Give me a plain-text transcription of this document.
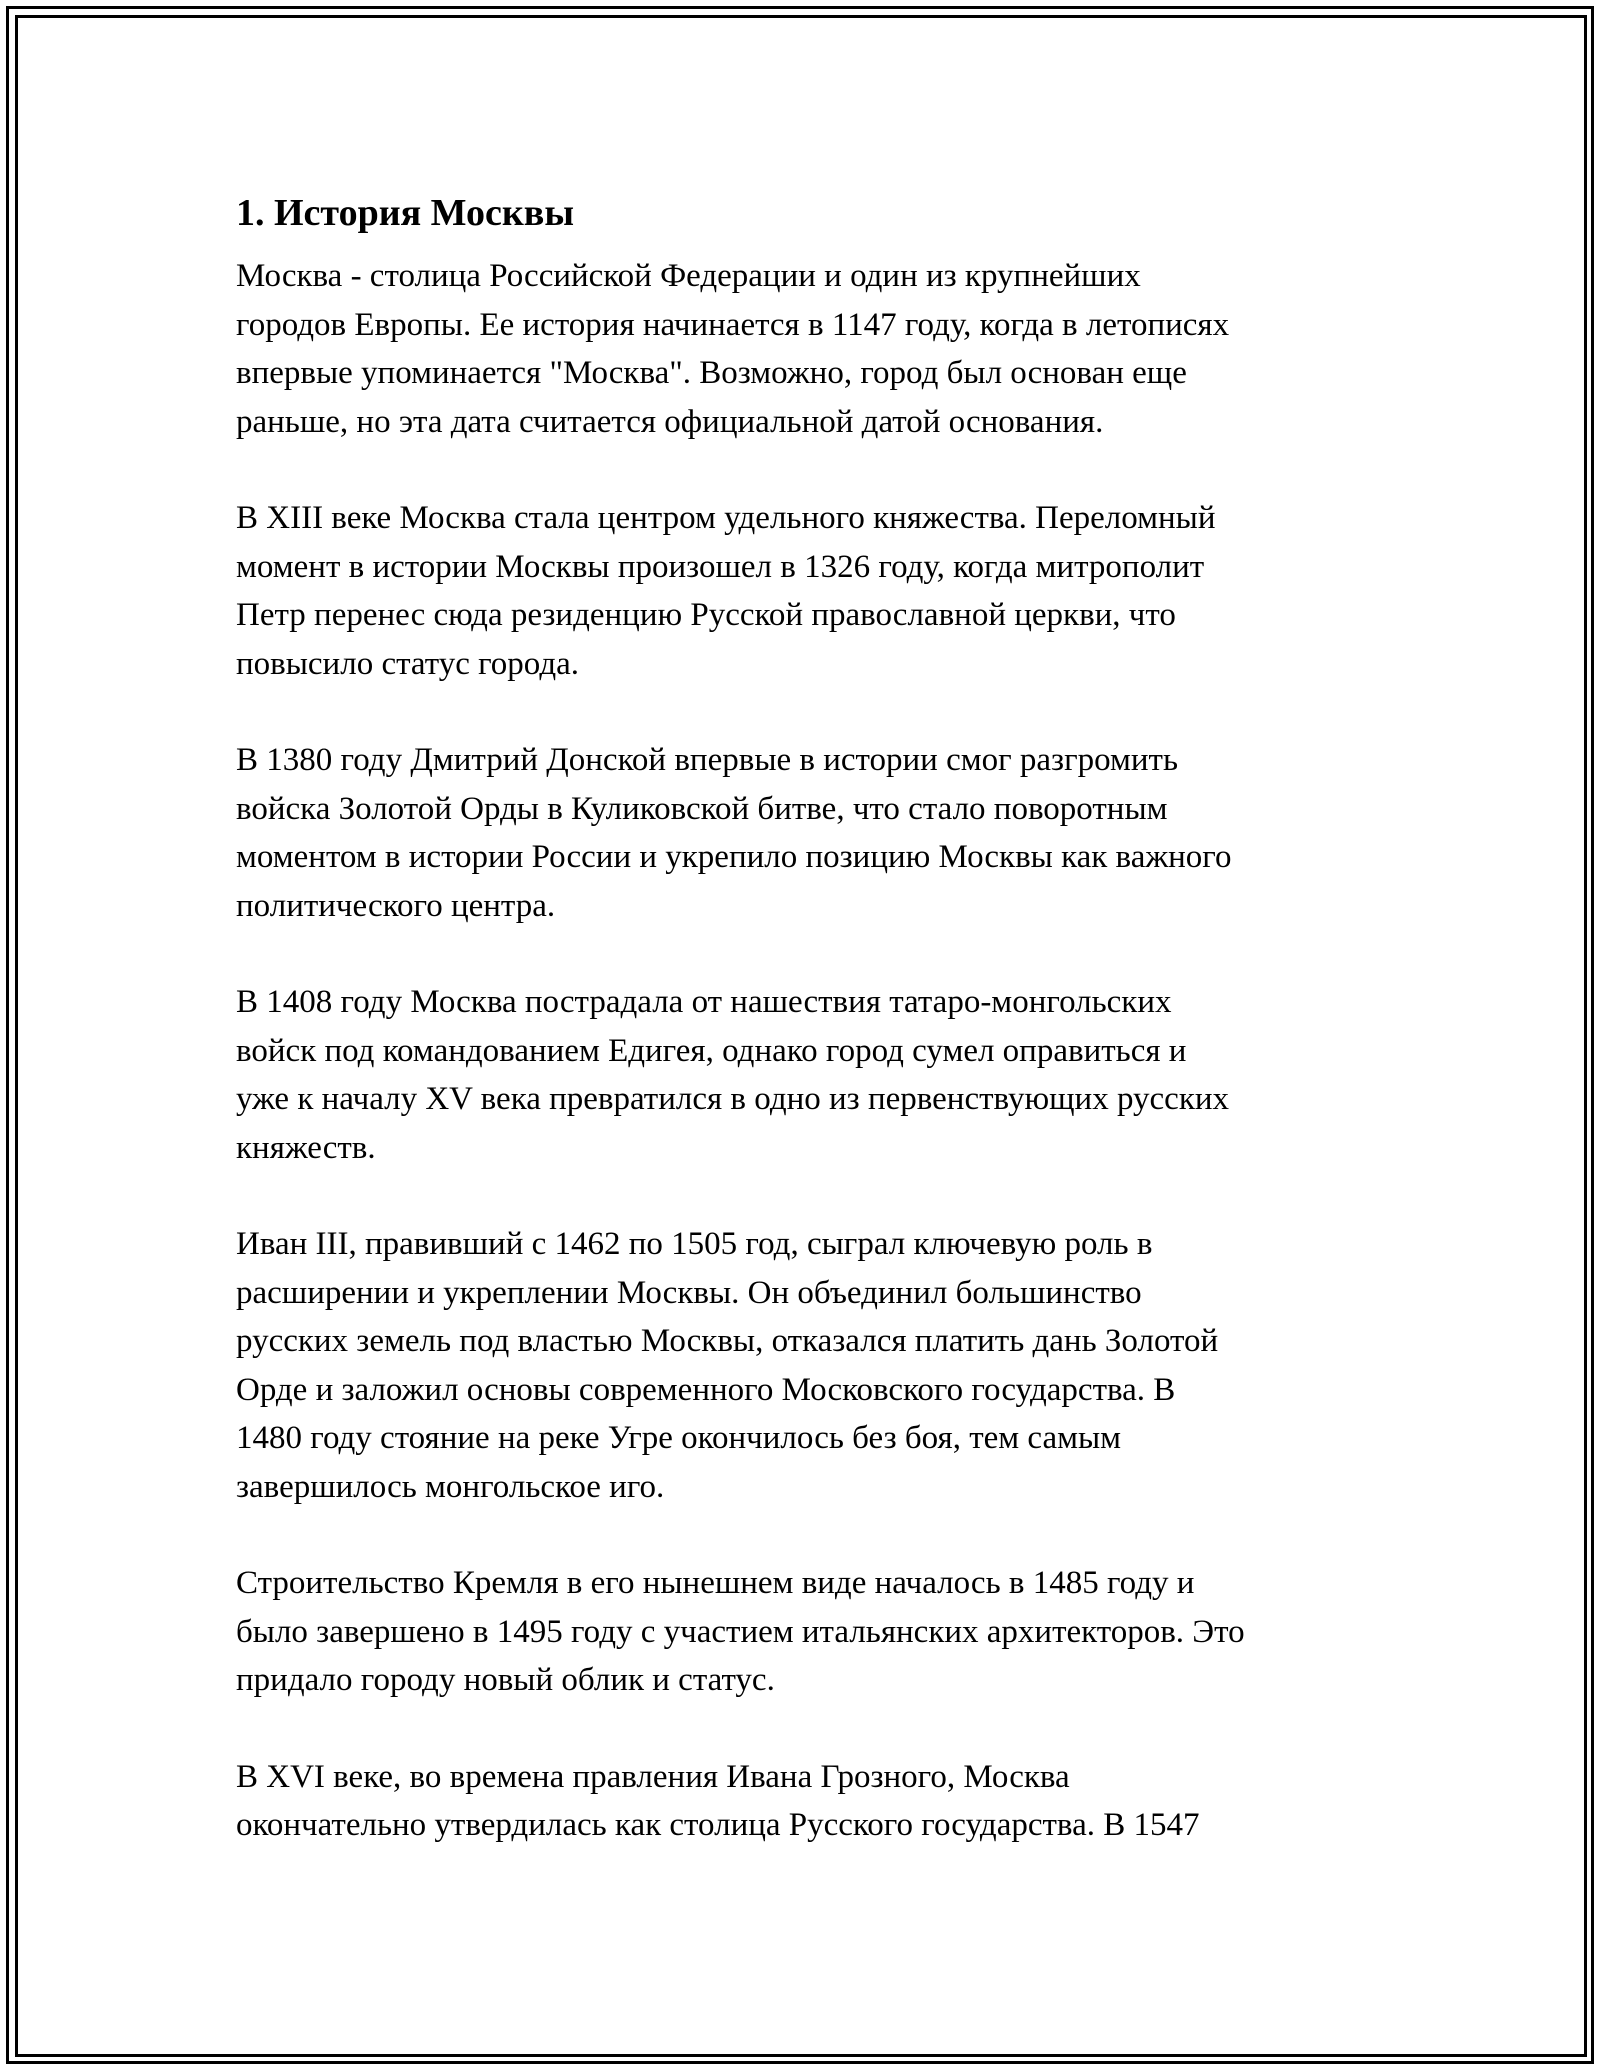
1. История Москвы

Москва - столица Российской Федерации и один из крупнейших
городов Европы. Ее история начинается в 1147 году, когда в летописях
впервые упоминается "Москва". Возможно, город был основан еще
раньше, но эта дата считается официальной датой основания.

В XIII веке Москва стала центром удельного княжества. Переломный
момент в истории Москвы произошел в 1326 году, когда митрополит
Петр перенес сюда резиденцию Русской православной церкви, что
повысило статус города.

В 1380 году Дмитрий Донской впервые в истории смог разгромить
войска Золотой Орды в Куликовской битве, что стало поворотным
моментом в истории России и укрепило позицию Москвы как важного
политического центра.

В 1408 году Москва пострадала от нашествия татаро-монгольских
войск под командованием Едигея, однако город сумел оправиться и
уже к началу XV века превратился в одно из первенствующих русских
княжеств.

Иван III, правивший с 1462 по 1505 год, сыграл ключевую роль в
расширении и укреплении Москвы. Он объединил большинство
русских земель под властью Москвы, отказался платить дань Золотой
Орде и заложил основы современного Московского государства. В
1480 году стояние на реке Угре окончилось без боя, тем самым
завершилось монгольское иго.

Строительство Кремля в его нынешнем виде началось в 1485 году и
было завершено в 1495 году с участием итальянских архитекторов. Это
придало городу новый облик и статус.

В XVI веке, во времена правления Ивана Грозного, Москва
окончательно утвердилась как столица Русского государства. В 1547
